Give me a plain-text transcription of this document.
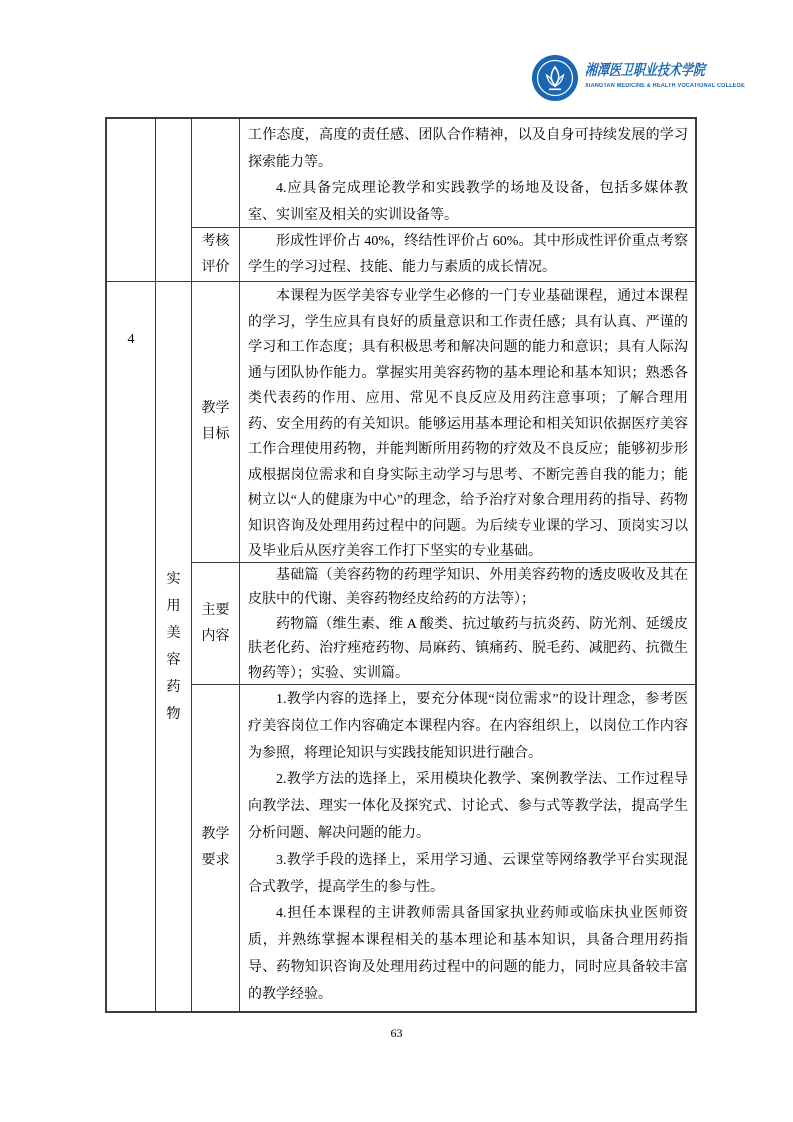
湘潭医卫职业技术学院
XIANGTAN MEDICINE & HEALTH VOCATIONAL COLLEGE

工作态度，高度的责任感、团队合作精神，以及自身可持续发展的学习探索能力等。

4.应具备完成理论教学和实践教学的场地及设备，包括多媒体教室、实训室及相关的实训设备等。

考核评价

形成性评价占 40%，终结性评价占 60%。其中形成性评价重点考察学生的学习过程、技能、能力与素质的成长情况。

4
实用美容药物
教学目标

本课程为医学美容专业学生必修的一门专业基础课程，通过本课程的学习，学生应具有良好的质量意识和工作责任感；具有认真、严谨的学习和工作态度；具有积极思考和解决问题的能力和意识；具有人际沟通与团队协作能力。掌握实用美容药物的基本理论和基本知识；熟悉各类代表药的作用、应用、常见不良反应及用药注意事项；了解合理用药、安全用药的有关知识。能够运用基本理论和相关知识依据医疗美容工作合理使用药物，并能判断所用药物的疗效及不良反应；能够初步形成根据岗位需求和自身实际主动学习与思考、不断完善自我的能力；能树立以“人的健康为中心”的理念，给予治疗对象合理用药的指导、药物知识咨询及处理用药过程中的问题。为后续专业课的学习、顶岗实习以及毕业后从医疗美容工作打下坚实的专业基础。

主要内容

基础篇（美容药物的药理学知识、外用美容药物的透皮吸收及其在皮肤中的代谢、美容药物经皮给药的方法等）；

药物篇（维生素、维 A 酸类、抗过敏药与抗炎药、防光剂、延缓皮肤老化药、治疗痤疮药物、局麻药、镇痛药、脱毛药、减肥药、抗微生物药等）；实验、实训篇。

教学要求

1.教学内容的选择上，要充分体现“岗位需求”的设计理念，参考医疗美容岗位工作内容确定本课程内容。在内容组织上，以岗位工作内容为参照，将理论知识与实践技能知识进行融合。

2.教学方法的选择上，采用模块化教学、案例教学法、工作过程导向教学法、理实一体化及探究式、讨论式、参与式等教学法，提高学生分析问题、解决问题的能力。

3.教学手段的选择上，采用学习通、云课堂等网络教学平台实现混合式教学，提高学生的参与性。

4.担任本课程的主讲教师需具备国家执业药师或临床执业医师资质，并熟练掌握本课程相关的基本理论和基本知识，具备合理用药指导、药物知识咨询及处理用药过程中的问题的能力，同时应具备较丰富的教学经验。

63
